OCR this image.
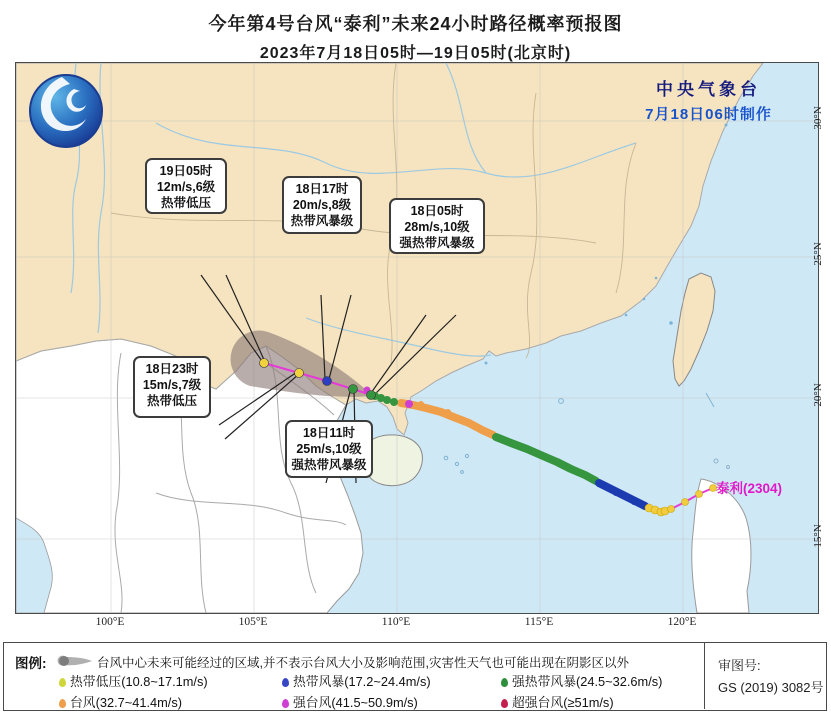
今年第4号台风“泰利”未来24小时路径概率预报图
2023年7月18日05时—19日05时(北京时)
中央气象台
7月18日06时制作
泰利(2304)
19日05时
12m/s,6级
热带低压
18日17时
20m/s,8级
热带风暴级
18日05时
28m/s,10级
强热带风暴级
18日23时
15m/s,7级
热带低压
18日11时
25m/s,10级
强热带风暴级
30°N
25°N
20°N
15°N
100°E	105°E	110°E	115°E	120°E
图例:	台风中心未来可能经过的区域,并不表示台风大小及影响范围,灾害性天气也可能出现在阴影区以外
热带低压(10.8~17.1m/s)	热带风暴(17.2~24.4m/s)	强热带风暴(24.5~32.6m/s)
台风(32.7~41.4m/s)	强台风(41.5~50.9m/s)	超强台风(≥51m/s)
审图号:
GS (2019) 3082号
